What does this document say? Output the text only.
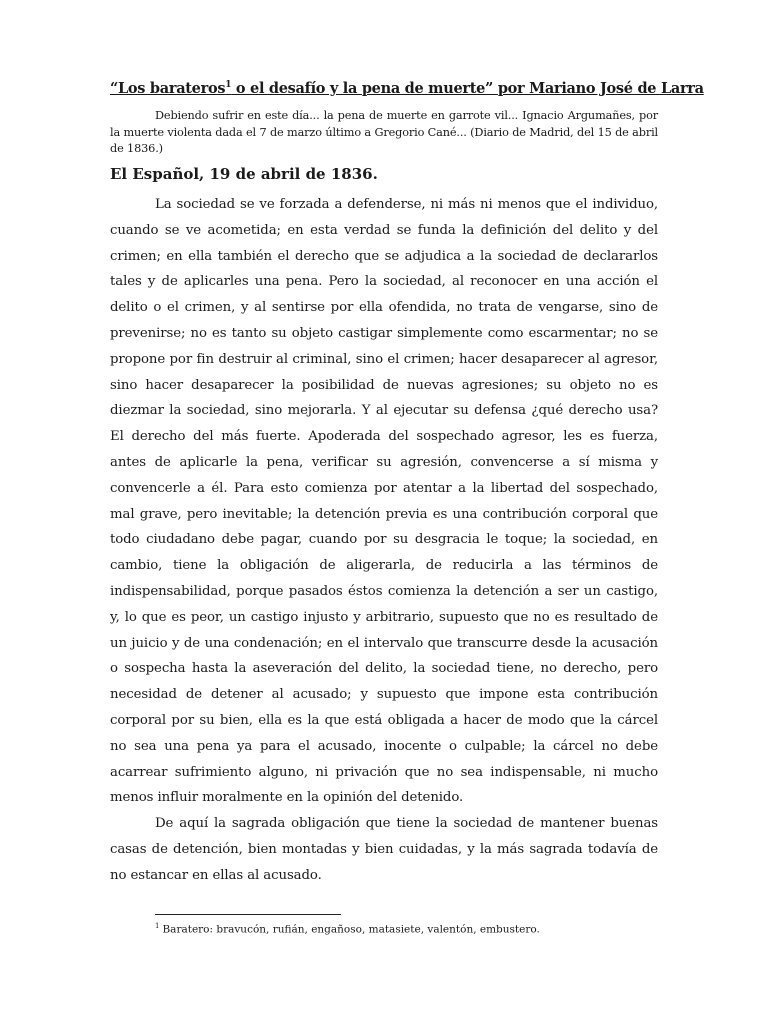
“Los barateros$^1$ o el desafío y la pena de muerte” por Mariano José de Larra
Debiendo sufrir en este día... la pena de muerte en garrote vil... Ignacio Argumañes, por la muerte violenta dada el 7 de marzo último a Gregorio Cané... (Diario de Madrid, del 15 de abril de 1836.)
El Español, 19 de abril de 1836.

La sociedad se ve forzada a defenderse, ni más ni menos que el individuo, cuando se ve acometida; en esta verdad se funda la definición del delito y del crimen; en ella también el derecho que se adjudica a la sociedad de declararlos tales y de aplicarles una pena. Pero la sociedad, al reconocer en una acción el delito o el crimen, y al sentirse por ella ofendida, no trata de vengarse, sino de prevenirse; no es tanto su objeto castigar simplemente como escarmentar; no se propone por fin destruir al criminal, sino el crimen; hacer desaparecer al agresor, sino hacer desaparecer la posibilidad de nuevas agresiones; su objeto no es diezmar la sociedad, sino mejorarla. Y al ejecutar su defensa ¿qué derecho usa? El derecho del más fuerte. Apoderada del sospechado agresor, les es fuerza, antes de aplicarle la pena, verificar su agresión, convencerse a sí misma y convencerle a él. Para esto comienza por atentar a la libertad del sospechado, mal grave, pero inevitable; la detención previa es una contribución corporal que todo ciudadano debe pagar, cuando por su desgracia le toque; la sociedad, en cambio, tiene la obligación de aligerarla, de reducirla a las términos de indispensabilidad, porque pasados éstos comienza la detención a ser un castigo, y, lo que es peor, un castigo injusto y arbitrario, supuesto que no es resultado de un juicio y de una condenación; en el intervalo que transcurre desde la acusación o sospecha hasta la aseveración del delito, la sociedad tiene, no derecho, pero necesidad de detener al acusado; y supuesto que impone esta contribución corporal por su bien, ella es la que está obligada a hacer de modo que la cárcel no sea una pena ya para el acusado, inocente o culpable; la cárcel no debe acarrear sufrimiento alguno, ni privación que no sea indispensable, ni mucho menos influir moralmente en la opinión del detenido.

De aquí la sagrada obligación que tiene la sociedad de mantener buenas casas de detención, bien montadas y bien cuidadas, y la más sagrada todavía de no estancar en ellas al acusado.

$^1$ Baratero: bravucón, rufián, engañoso, matasiete, valentón, embustero.
